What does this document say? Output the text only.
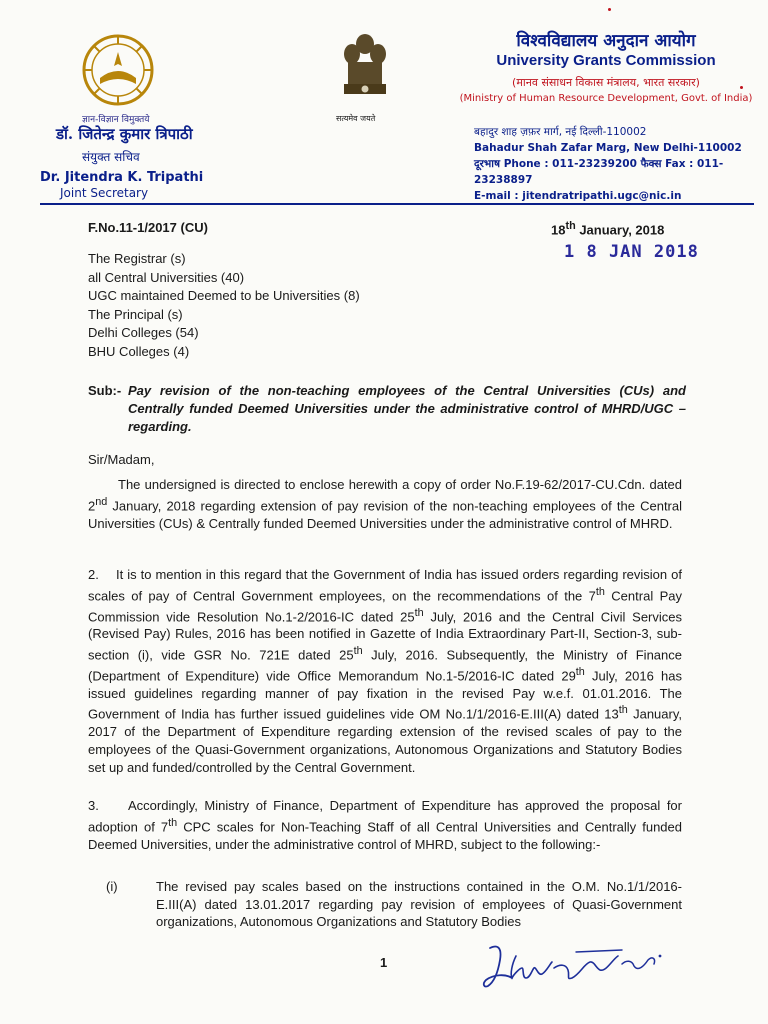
ज्ञान-विज्ञान विमुक्तये
डॉ. जितेन्द्र कुमार त्रिपाठी
संयुक्त सचिव
Dr. Jitendra K. Tripathi
Joint Secretary
सत्यमेव जयते
विश्वविद्यालय अनुदान आयोग
University Grants Commission
(मानव संसाधन विकास मंत्रालय, भारत सरकार)
(Ministry of Human Resource Development, Govt. of India)
बहादुर शाह ज़फ़र मार्ग, नई दिल्ली-110002
Bahadur Shah Zafar Marg, New Delhi-110002
दूरभाष Phone : 011-23239200 फैक्स Fax : 011-23238897
E-mail : jitendratripathi.ugc@nic.in
F.No.11-1/2017 (CU)	18th January, 2018
1 8 JAN 2018
The Registrar (s)
all Central Universities (40)
UGC maintained Deemed to be Universities (8)
The Principal (s)
Delhi Colleges (54)
BHU Colleges (4)
Sub:- Pay revision of the non-teaching employees of the Central Universities (CUs) and Centrally funded Deemed Universities under the administrative control of MHRD/UGC – regarding.
Sir/Madam,
The undersigned is directed to enclose herewith a copy of order No.F.19-62/2017-CU.Cdn. dated 2nd January, 2018 regarding extension of pay revision of the non-teaching employees of the Central Universities (CUs) & Centrally funded Deemed Universities under the administrative control of MHRD.
2. It is to mention in this regard that the Government of India has issued orders regarding revision of scales of pay of Central Government employees, on the recommendations of the 7th Central Pay Commission vide Resolution No.1-2/2016-IC dated 25th July, 2016 and the Central Civil Services (Revised Pay) Rules, 2016 has been notified in Gazette of India Extraordinary Part-II, Section-3, sub-section (i), vide GSR No. 721E dated 25th July, 2016. Subsequently, the Ministry of Finance (Department of Expenditure) vide Office Memorandum No.1-5/2016-IC dated 29th July, 2016 has issued guidelines regarding manner of pay fixation in the revised Pay w.e.f. 01.01.2016. The Government of India has further issued guidelines vide OM No.1/1/2016-E.III(A) dated 13th January, 2017 of the Department of Expenditure regarding extension of the revised scales of pay to the employees of the Quasi-Government organizations, Autonomous Organizations and Statutory Bodies set up and funded/controlled by the Central Government.
3. Accordingly, Ministry of Finance, Department of Expenditure has approved the proposal for adoption of 7th CPC scales for Non-Teaching Staff of all Central Universities and Centrally funded Deemed Universities, under the administrative control of MHRD, subject to the following:-
(i)	The revised pay scales based on the instructions contained in the O.M. No.1/1/2016-E.III(A) dated 13.01.2017 regarding pay revision of employees of Quasi-Government organizations, Autonomous Organizations and Statutory Bodies
1
